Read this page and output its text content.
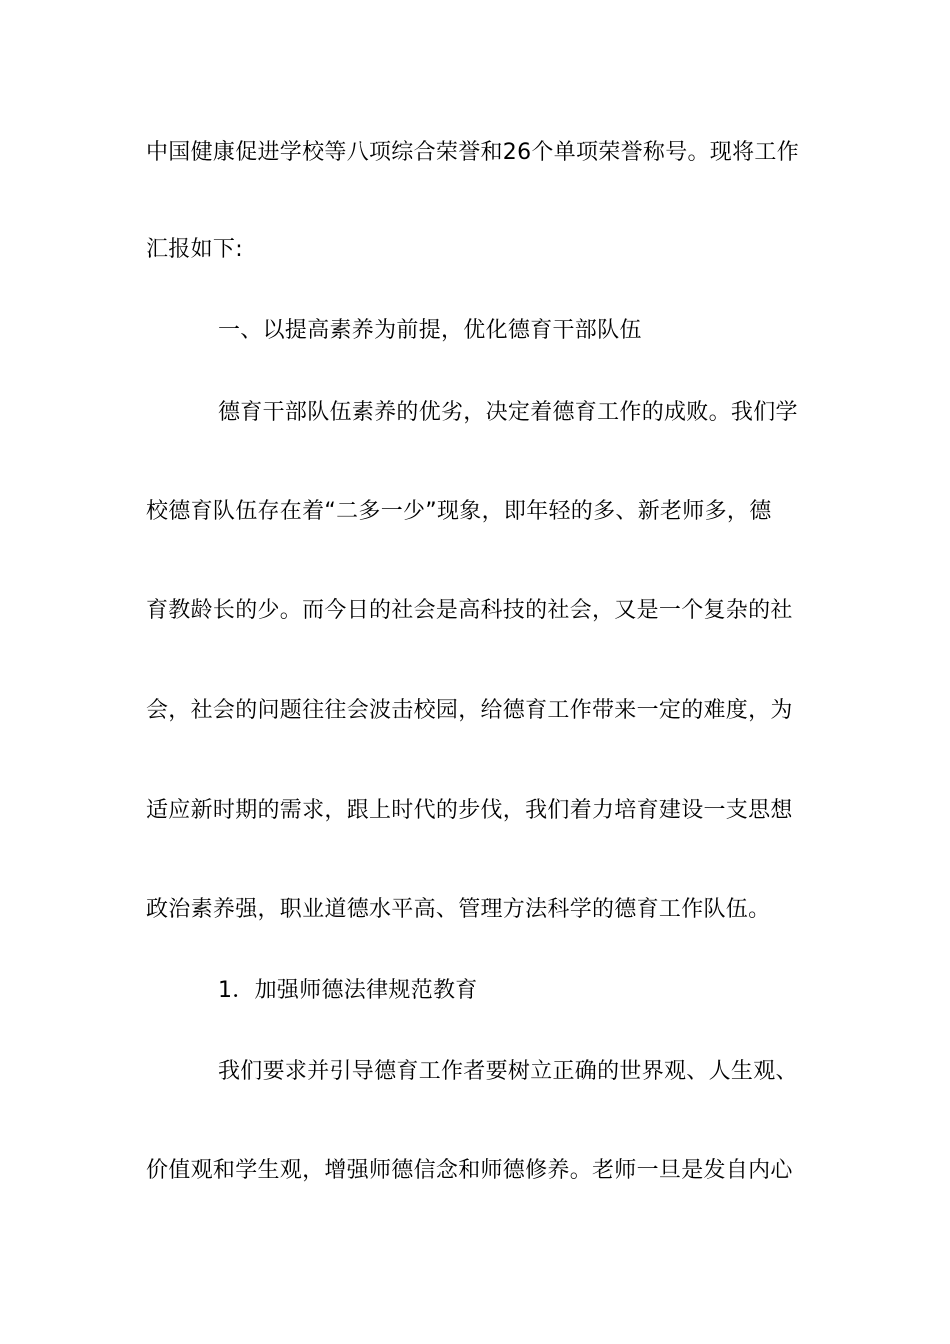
中国健康促进学校等八项综合荣誉和26个单项荣誉称号。现将工作
汇报如下:
一、以提高素养为前提，优化德育干部队伍
德育干部队伍素养的优劣，决定着德育工作的成败。我们学
校德育队伍存在着“二多一少”现象，即年轻的多、新老师多，德
育教龄长的少。而今日的社会是高科技的社会，又是一个复杂的社
会，社会的问题往往会波击校园，给德育工作带来一定的难度，为
适应新时期的需求，跟上时代的步伐，我们着力培育建设一支思想
政治素养强，职业道德水平高、管理方法科学的德育工作队伍。
1．加强师德法律规范教育
我们要求并引导德育工作者要树立正确的世界观、人生观、
价值观和学生观，增强师德信念和师德修养。老师一旦是发自内心
